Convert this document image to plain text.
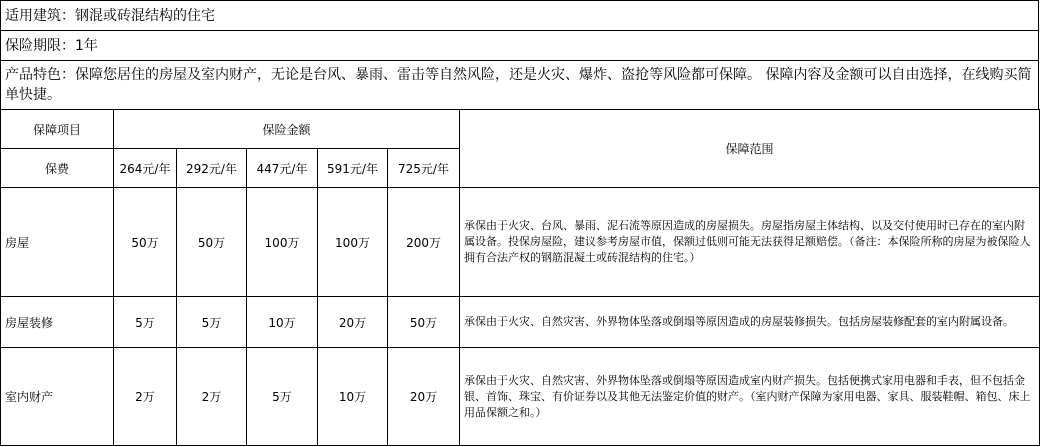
适用建筑：钢混或砖混结构的住宅
保险期限：1年
产品特色：保障您居住的房屋及室内财产，无论是台风、暴雨、雷击等自然风险，还是火灾、爆炸、盗抢等风险都可保障。 保障内容及金额可以自由选择，在线购买简单快捷。
保障项目	保险金额					保障范围
保费	264元/年	292元/年	447元/年	591元/年	725元/年	
房屋	50万	50万	100万	100万	200万	承保由于火灾、台风、暴雨、泥石流等原因造成的房屋损失。房屋指房屋主体结构、以及交付使用时已存在的室内附属设备。投保房屋险，建议参考房屋市值，保额过低则可能无法获得足额赔偿。（备注：本保险所称的房屋为被保险人拥有合法产权的钢筋混凝土或砖混结构的住宅。）
房屋装修	5万	5万	10万	20万	50万	承保由于火灾、自然灾害、外界物体坠落或倒塌等原因造成的房屋装修损失。包括房屋装修配套的室内附属设备。
室内财产	2万	2万	5万	10万	20万	承保由于火灾、自然灾害、外界物体坠落或倒塌等原因造成室内财产损失。包括便携式家用电器和手表，但不包括金银、首饰、珠宝、有价证券以及其他无法鉴定价值的财产。（室内财产保障为家用电器、家具、服装鞋帽、箱包、床上用品保额之和。）
